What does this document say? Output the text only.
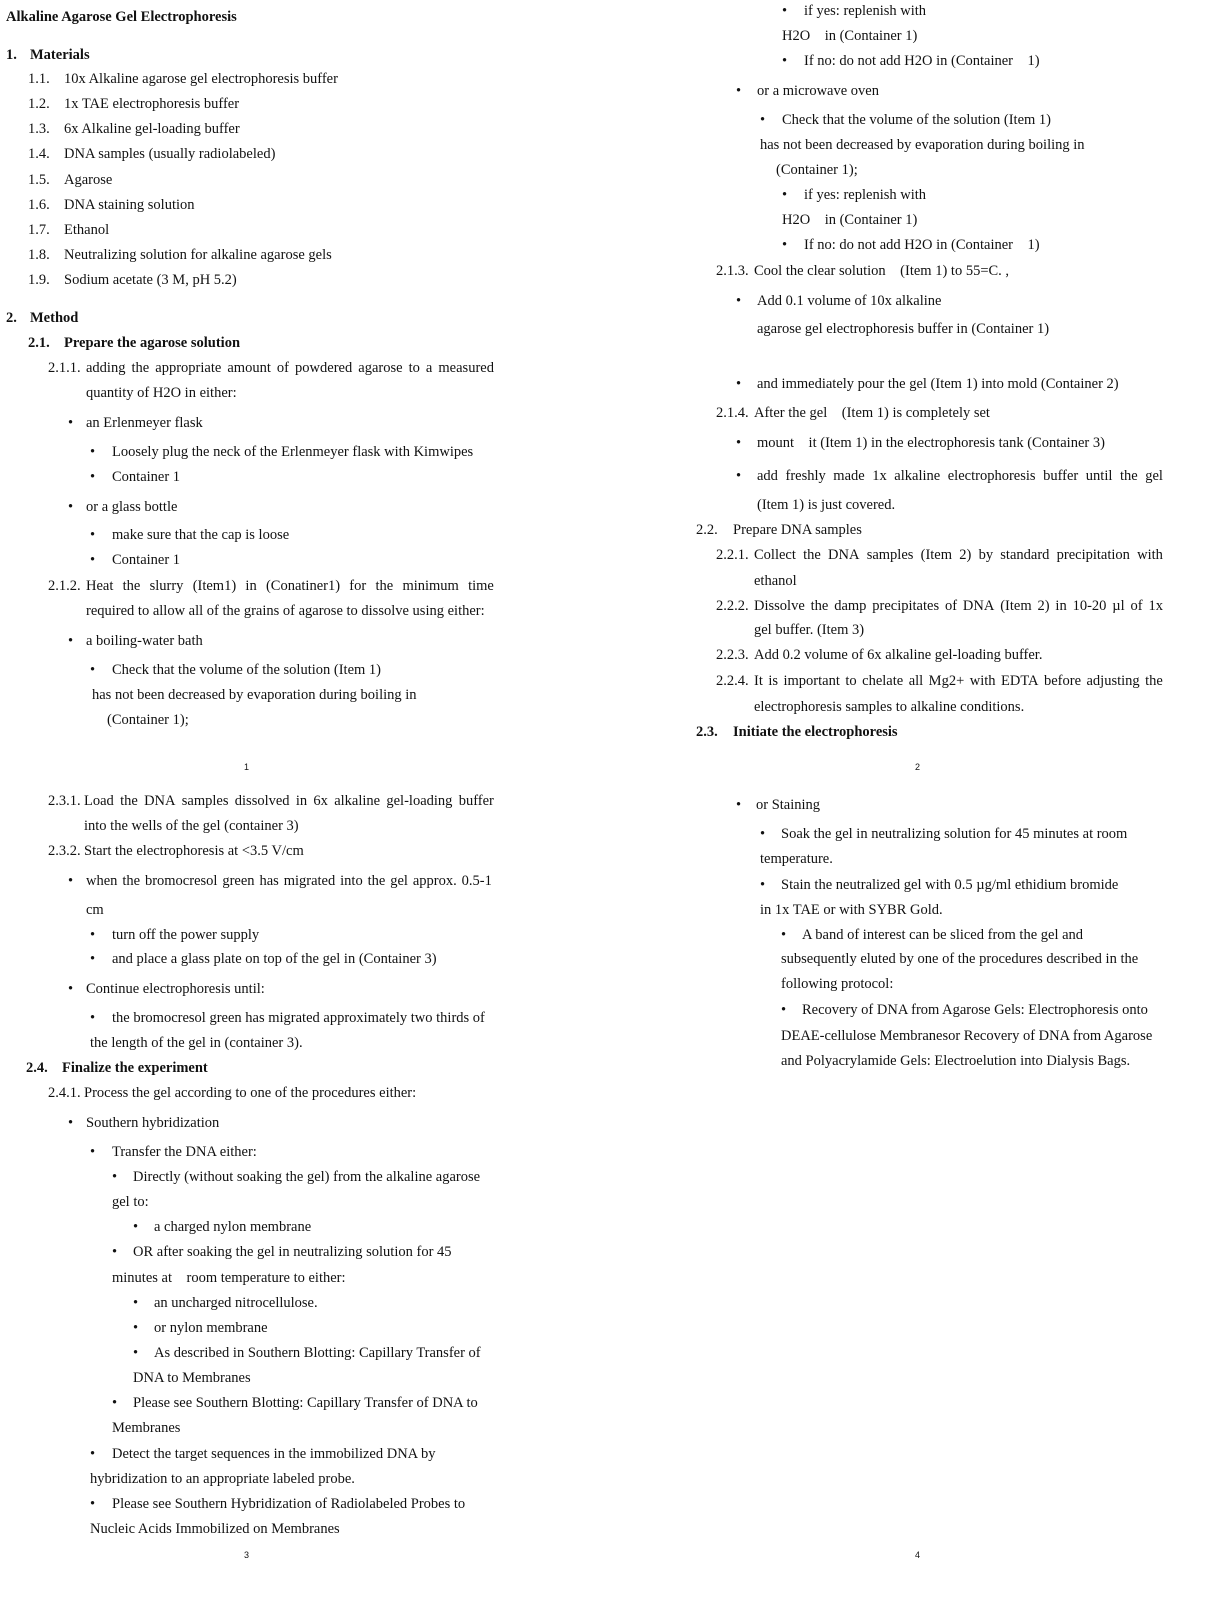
Alkaline Agarose Gel Electrophoresis
1. Materials
1.1. 10x Alkaline agarose gel electrophoresis buffer
1.2. 1x TAE electrophoresis buffer
1.3. 6x Alkaline gel-loading buffer
1.4. DNA samples (usually radiolabeled)
1.5. Agarose
1.6. DNA staining solution
1.7. Ethanol
1.8. Neutralizing solution for alkaline agarose gels
1.9. Sodium acetate (3 M, pH 5.2)
2. Method
2.1. Prepare the agarose solution
2.1.1. adding the appropriate amount of powdered agarose to a measured
quantity of H2O in either:
• an Erlenmeyer flask
• Loosely plug the neck of the Erlenmeyer flask with Kimwipes
• Container 1
• or a glass bottle
• make sure that the cap is loose
• Container 1
2.1.2. Heat the slurry (Item1) in (Conatiner1) for the minimum time
required to allow all of the grains of agarose to dissolve using either:
• a boiling-water bath
• Check that the volume of the solution (Item 1)
has not been decreased by evaporation during boiling in
(Container 1);
1
• if yes: replenish with
H2O    in (Container 1)
• If no: do not add H2O in (Container    1)
• or a microwave oven
• Check that the volume of the solution (Item 1)
has not been decreased by evaporation during boiling in
(Container 1);
• if yes: replenish with
H2O    in (Container 1)
• If no: do not add H2O in (Container    1)
2.1.3. Cool the clear solution    (Item 1) to 55=C. ,
• Add 0.1 volume of 10x alkaline
agarose gel electrophoresis buffer in (Container 1)
• and immediately pour the gel (Item 1) into mold (Container 2)
2.1.4. After the gel    (Item 1) is completely set
• mount    it (Item 1) in the electrophoresis tank (Container 3)
•	add freshly made 1x alkaline electrophoresis buffer until the gel
(Item 1) is just covered.
2.2. Prepare DNA samples
2.2.1. Collect the DNA samples (Item 2) by standard precipitation with
ethanol
2.2.2. Dissolve the damp precipitates of DNA (Item 2) in 10-20 µl of 1x
gel buffer. (Item 3)
2.2.3. Add 0.2 volume of 6x alkaline gel-loading buffer.
2.2.4. It is important to chelate all Mg2+ with EDTA before adjusting the
electrophoresis samples to alkaline conditions.
2.3. Initiate the electrophoresis
2
2.3.1. Load the DNA samples dissolved in 6x alkaline gel-loading buffer
into the wells of the gel (container 3)
2.3.2. Start the electrophoresis at <3.5 V/cm
• when the bromocresol green has migrated into the gel approx. 0.5-1
cm
• turn off the power supply
• and place a glass plate on top of the gel in (Container 3)
• Continue electrophoresis until:
• the bromocresol green has migrated approximately two thirds of
the length of the gel in (container 3).
2.4. Finalize the experiment
2.4.1. Process the gel according to one of the procedures either:
• Southern hybridization
• Transfer the DNA either:
• Directly (without soaking the gel) from the alkaline agarose
gel to:
• a charged nylon membrane
• OR after soaking the gel in neutralizing solution for 45
minutes at    room temperature to either:
• an uncharged nitrocellulose.
• or nylon membrane
• As described in Southern Blotting: Capillary Transfer of
DNA to Membranes
• Please see Southern Blotting: Capillary Transfer of DNA to
Membranes
• Detect the target sequences in the immobilized DNA by
hybridization to an appropriate labeled probe.
• Please see Southern Hybridization of Radiolabeled Probes to
Nucleic Acids Immobilized on Membranes
3
• or Staining
• Soak the gel in neutralizing solution for 45 minutes at room
temperature.
• Stain the neutralized gel with 0.5 µg/ml ethidium bromide
in 1x TAE or with SYBR Gold.
• A band of interest can be sliced from the gel and
subsequently eluted by one of the procedures described in the
following protocol:
• Recovery of DNA from Agarose Gels: Electrophoresis onto
DEAE-cellulose Membranesor Recovery of DNA from Agarose
and Polyacrylamide Gels: Electroelution into Dialysis Bags.
4
